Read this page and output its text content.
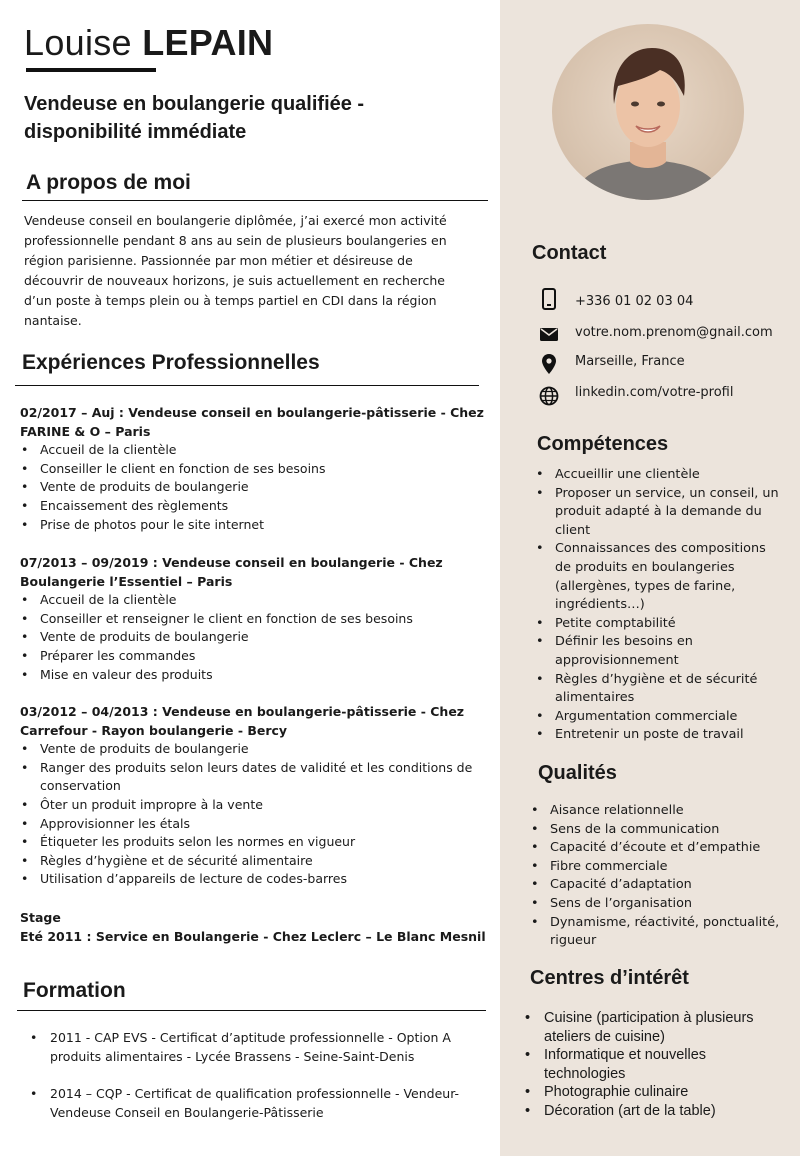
Louise LEPAIN
Vendeuse en boulangerie qualifiée - disponibilité immédiate
A propos de moi
Vendeuse conseil en boulangerie diplômée, j’ai exercé mon activité professionnelle pendant 8 ans au sein de plusieurs boulangeries en région parisienne. Passionnée par mon métier et désireuse de découvrir de nouveaux horizons, je suis actuellement en recherche d’un poste à temps plein ou à temps partiel en CDI dans la région nantaise.
Expériences Professionnelles
02/2017 – Auj : Vendeuse conseil en boulangerie-pâtisserie - Chez FARINE & O – Paris
• Accueil de la clientèle
• Conseiller le client en fonction de ses besoins
• Vente de produits de boulangerie
• Encaissement des règlements
• Prise de photos pour le site internet
07/2013 – 09/2019 : Vendeuse conseil en boulangerie - Chez Boulangerie l’Essentiel – Paris
• Accueil de la clientèle
• Conseiller et renseigner le client en fonction de ses besoins
• Vente de produits de boulangerie
• Préparer les commandes
• Mise en valeur des produits
03/2012 – 04/2013 : Vendeuse en boulangerie-pâtisserie - Chez Carrefour - Rayon boulangerie - Bercy
• Vente de produits de boulangerie
• Ranger des produits selon leurs dates de validité et les conditions de conservation
• Ôter un produit impropre à la vente
• Approvisionner les étals
• Étiqueter les produits selon les normes en vigueur
• Règles d’hygiène et de sécurité alimentaire
• Utilisation d’appareils de lecture de codes-barres
Stage
Eté 2011 : Service en Boulangerie - Chez Leclerc – Le Blanc Mesnil
Formation
• 2011 - CAP EVS - Certificat d’aptitude professionnelle - Option A produits alimentaires - Lycée Brassens - Seine-Saint-Denis
• 2014 – CQP - Certificat de qualification professionnelle - Vendeur-Vendeuse Conseil en Boulangerie-Pâtisserie
Contact
+336 01 02 03 04
votre.nom.prenom@gnail.com
Marseille, France
linkedin.com/votre-profil
Compétences
• Accueillir une clientèle
• Proposer un service, un conseil, un produit adapté à la demande du client
• Connaissances des compositions de produits en boulangeries (allergènes, types de farine, ingrédients…)
• Petite comptabilité
• Définir les besoins en approvisionnement
• Règles d’hygiène et de sécurité alimentaires
• Argumentation commerciale
• Entretenir un poste de travail
Qualités
• Aisance relationnelle
• Sens de la communication
• Capacité d’écoute et d’empathie
• Fibre commerciale
• Capacité d’adaptation
• Sens de l’organisation
• Dynamisme, réactivité, ponctualité, rigueur
Centres d’intérêt
• Cuisine (participation à plusieurs ateliers de cuisine)
• Informatique et nouvelles technologies
• Photographie culinaire
• Décoration (art de la table)
